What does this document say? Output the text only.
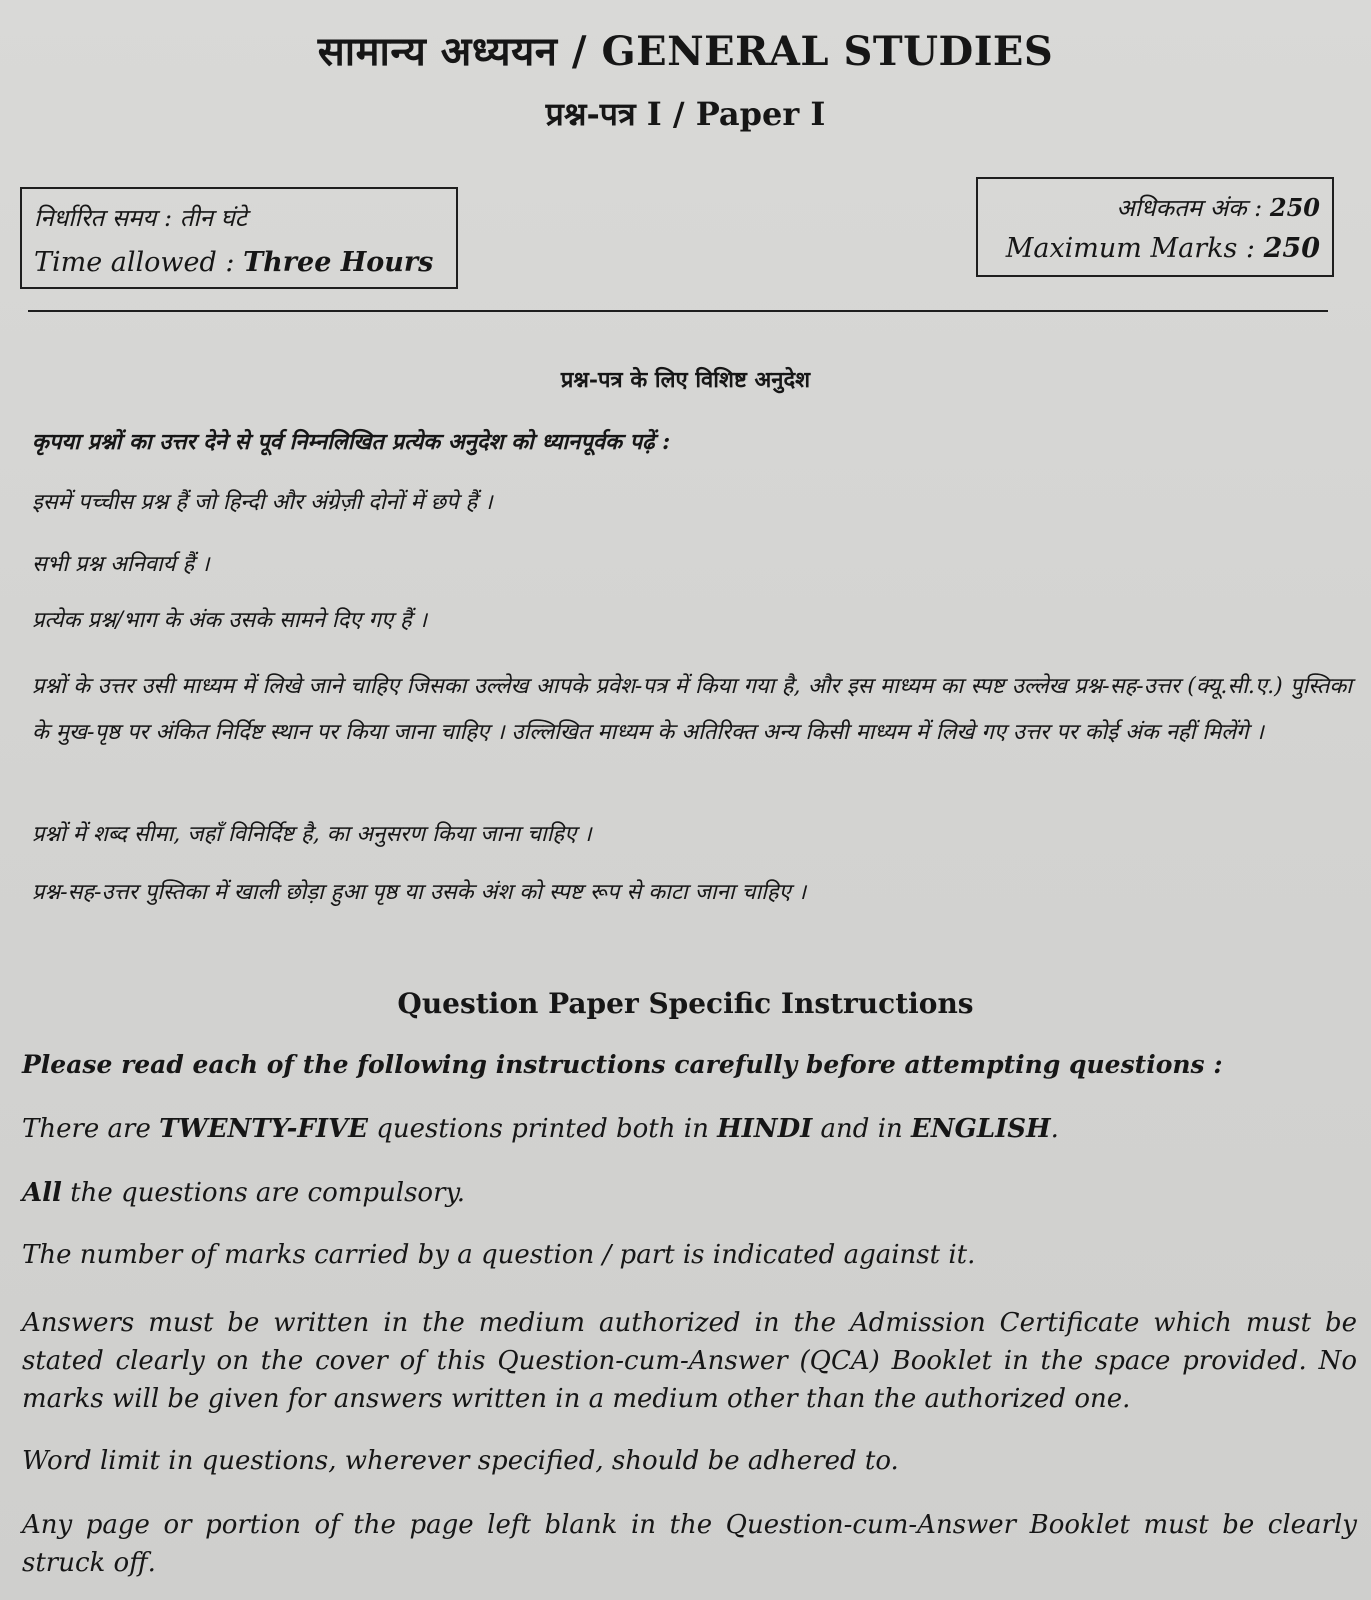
सामान्य अध्ययन / GENERAL STUDIES
प्रश्न-पत्र I / Paper I
निर्धारित समय : तीन घंटे
Time allowed : Three Hours
अधिकतम अंक : 250
Maximum Marks : 250
प्रश्न-पत्र के लिए विशिष्ट अनुदेश
कृपया प्रश्नों का उत्तर देने से पूर्व निम्नलिखित प्रत्येक अनुदेश को ध्यानपूर्वक पढ़ें :
इसमें पच्चीस प्रश्न हैं जो हिन्दी और अंग्रेज़ी दोनों में छपे हैं ।
सभी प्रश्न अनिवार्य हैं ।
प्रत्येक प्रश्न/भाग के अंक उसके सामने दिए गए हैं ।
प्रश्नों के उत्तर उसी माध्यम में लिखे जाने चाहिए जिसका उल्लेख आपके प्रवेश-पत्र में किया गया है, और इस माध्यम का स्पष्ट उल्लेख प्रश्न-सह-उत्तर (क्यू.सी.ए.) पुस्तिका के मुख-पृष्ठ पर अंकित निर्दिष्ट स्थान पर किया जाना चाहिए । उल्लिखित माध्यम के अतिरिक्त अन्य किसी माध्यम में लिखे गए उत्तर पर कोई अंक नहीं मिलेंगे ।
प्रश्नों में शब्द सीमा, जहाँ विनिर्दिष्ट है, का अनुसरण किया जाना चाहिए ।
प्रश्न-सह-उत्तर पुस्तिका में खाली छोड़ा हुआ पृष्ठ या उसके अंश को स्पष्ट रूप से काटा जाना चाहिए ।
Question Paper Specific Instructions
Please read each of the following instructions carefully before attempting questions :
There are TWENTY-FIVE questions printed both in HINDI and in ENGLISH.
All the questions are compulsory.
The number of marks carried by a question / part is indicated against it.
Answers must be written in the medium authorized in the Admission Certificate which must be stated clearly on the cover of this Question-cum-Answer (QCA) Booklet in the space provided. No marks will be given for answers written in a medium other than the authorized one.
Word limit in questions, wherever specified, should be adhered to.
Any page or portion of the page left blank in the Question-cum-Answer Booklet must be clearly struck off.
